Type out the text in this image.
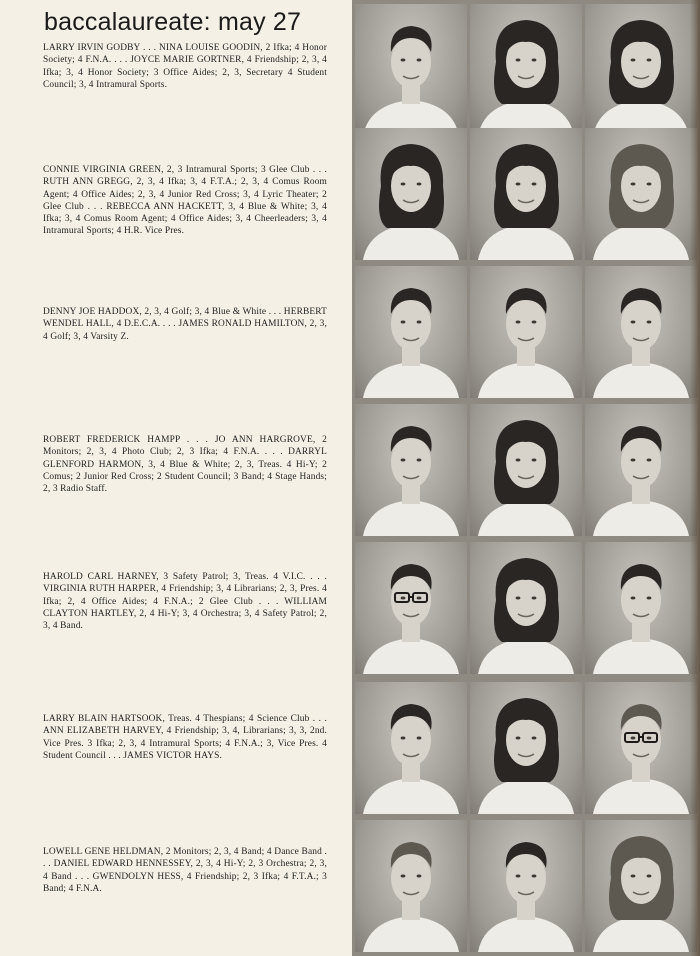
baccalaureate: may 27

LARRY IRVIN GODBY . . . NINA LOUISE GOODIN, 2 Ifka; 4 Honor Society; 4 F.N.A. . . . JOYCE MARIE GORTNER, 4 Friendship; 2, 3, 4 Ifka; 3, 4 Honor Society; 3 Office Aides; 2, 3, Secretary 4 Student Council; 3, 4 Intramural Sports.

CONNIE VIRGINIA GREEN, 2, 3 Intramural Sports; 3 Glee Club . . . RUTH ANN GREGG, 2, 3, 4 Ifka; 3, 4 F.T.A.; 2, 3, 4 Comus Room Agent; 4 Office Aides; 2, 3, 4 Junior Red Cross; 3, 4 Lyric Theater; 2 Glee Club . . . REBECCA ANN HACKETT, 3, 4 Blue & White; 3, 4 Ifka; 3, 4 Comus Room Agent; 4 Office Aides; 3, 4 Cheerleaders; 3, 4 Intramural Sports; 4 H.R. Vice Pres.

DENNY JOE HADDOX, 2, 3, 4 Golf; 3, 4 Blue & White . . . HERBERT WENDEL HALL, 4 D.E.C.A. . . . JAMES RONALD HAMILTON, 2, 3, 4 Golf; 3, 4 Varsity Z.

ROBERT FREDERICK HAMPP . . . JO ANN HARGROVE, 2 Monitors; 2, 3, 4 Photo Club; 2, 3 Ifka; 4 F.N.A. . . . DARRYL GLENFORD HARMON, 3, 4 Blue & White; 2, 3, Treas. 4 Hi-Y; 2 Comus; 2 Junior Red Cross; 2 Student Council; 3 Band; 4 Stage Hands; 2, 3 Radio Staff.

HAROLD CARL HARNEY, 3 Safety Patrol; 3, Treas. 4 V.I.C. . . . VIRGINIA RUTH HARPER, 4 Friendship; 3, 4 Librarians; 2, 3, Pres. 4 Ifka; 2, 4 Office Aides; 4 F.N.A.; 2 Glee Club . . . WILLIAM CLAYTON HARTLEY, 2, 4 Hi-Y; 3, 4 Orchestra; 3, 4 Safety Patrol; 2, 3, 4 Band.

LARRY BLAIN HARTSOOK, Treas. 4 Thespians; 4 Science Club . . . ANN ELIZABETH HARVEY, 4 Friendship; 3, 4, Librarians; 3, 3, 2nd. Vice Pres. 3 Ifka; 2, 3, 4 Intramural Sports; 4 F.N.A.; 3, Vice Pres. 4 Student Council . . . JAMES VICTOR HAYS.

LOWELL GENE HELDMAN, 2 Monitors; 2, 3, 4 Band; 4 Dance Band . . . DANIEL EDWARD HENNESSEY, 2, 3, 4 Hi-Y; 2, 3 Orchestra; 2, 3, 4 Band . . . GWENDOLYN HESS, 4 Friendship; 2, 3 Ifka; 4 F.T.A.; 3 Band; 4 F.N.A.
